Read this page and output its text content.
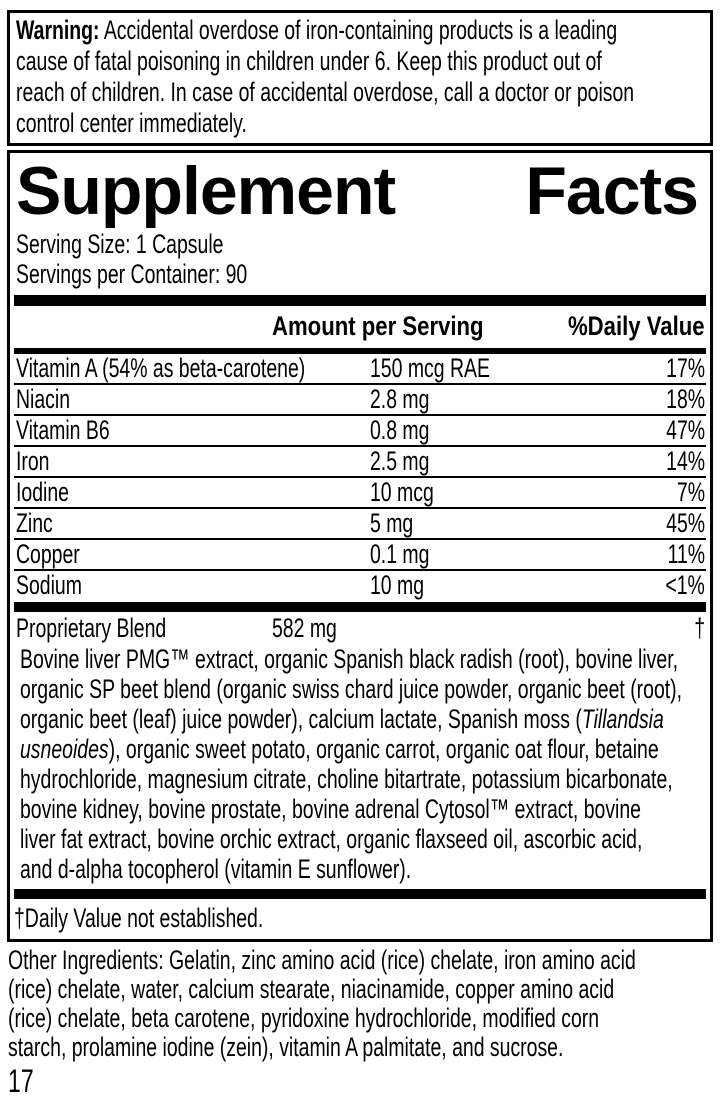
Warning: Accidental overdose of iron-containing products is a leading
cause of fatal poisoning in children under 6. Keep this product out of
reach of children. In case of accidental overdose, call a doctor or poison
control center immediately.
Supplement Facts
Serving Size: 1 Capsule
Servings per Container: 90
Amount per Serving	%Daily Value
Vitamin A (54% as beta-carotene) 150 mcg RAE	17%
Niacin	2.8 mg	18%
Vitamin B6	0.8 mg	47%
Iron	2.5 mg	14%
Iodine	10 mcg	7%
Zinc	5 mg	45%
Copper	0.1 mg	11%
Sodium	10 mg	<1%
Proprietary Blend	582 mg	†
Bovine liver PMG™ extract, organic Spanish black radish (root), bovine liver,
organic SP beet blend (organic swiss chard juice powder, organic beet (root),
organic beet (leaf) juice powder), calcium lactate, Spanish moss (Tillandsia
usneoides), organic sweet potato, organic carrot, organic oat flour, betaine
hydrochloride, magnesium citrate, choline bitartrate, potassium bicarbonate,
bovine kidney, bovine prostate, bovine adrenal Cytosol™ extract, bovine
liver fat extract, bovine orchic extract, organic flaxseed oil, ascorbic acid,
and d-alpha tocopherol (vitamin E sunflower).
†Daily Value not established.
Other Ingredients: Gelatin, zinc amino acid (rice) chelate, iron amino acid
(rice) chelate, water, calcium stearate, niacinamide, copper amino acid
(rice) chelate, beta carotene, pyridoxine hydrochloride, modified corn
starch, prolamine iodine (zein), vitamin A palmitate, and sucrose.
17
